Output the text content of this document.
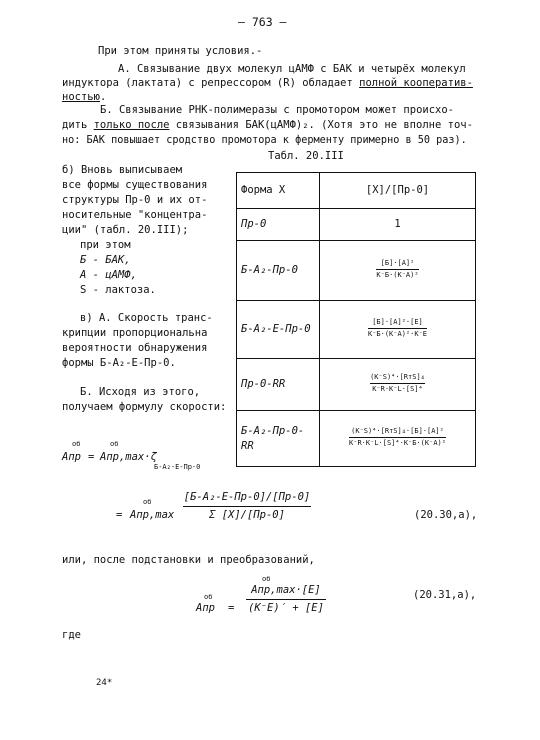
– 763 –
При этом приняты условия.-
А. Связывание двух молекул цАМФ с БАК и четырёх молекул
индуктора (лактата) с репрессором (R) обладает полной кооператив-
ностью.
Б. Связывание РНК-полимеразы с промотором может происхо-
дить только после связывания БАК(цАМФ)₂. (Хотя это не вполне точ-
но: БАК повышает сродство промотора к ферменту примерно в 50 раз).
Табл. 20.III
б) Вновь выписываем
все формы существования
структуры Пр-0 и их от-
носительные "концентра-
ции" (табл. 20.III);
при этом
Б - БАК,
А - цАМФ,
S - лактоза.
в) А. Скорость транс-
крипции пропорциональна
вероятности обнаружения
формы Б-А₂-Е-Пр-0.
Б. Исходя из этого,
получаем формулу скорости:
Форма X	[X]/[Пр-0]
Пр-0	1
Б-А₂-Пр-0	[Б]·[А]²
K⁻Б·(K⁻А)²
Б-А₂-Е-Пр-0	[Б]·[А]²·[Е]
K⁻Б·(K⁻А)²·K⁻Е
Пр-0-RR	(K⁻S)⁴·[RтS]₄
K⁻R·K⁻L·[S]⁴
Б-А₂-Пр-0-RR	(K⁻S)⁴·[RтS]₄·[Б]·[А]²
K⁻R·K⁻L·[S]⁴·K⁻Б·(K⁻А)²
об	об
Aпр = Aпр,max·ζ
Б-А₂-Е-Пр-0
=
об
Aпр,max
[Б-А₂-Е-Пр-0]/[Пр-0]
Σ [X]/[Пр-0]	(20.30,а),
или, после подстановки и преобразований,
об
Aпр =
об
Aпр,max·[Е]
(K⁻Е)′ + [Е]
(20.31,а),
где
24*
